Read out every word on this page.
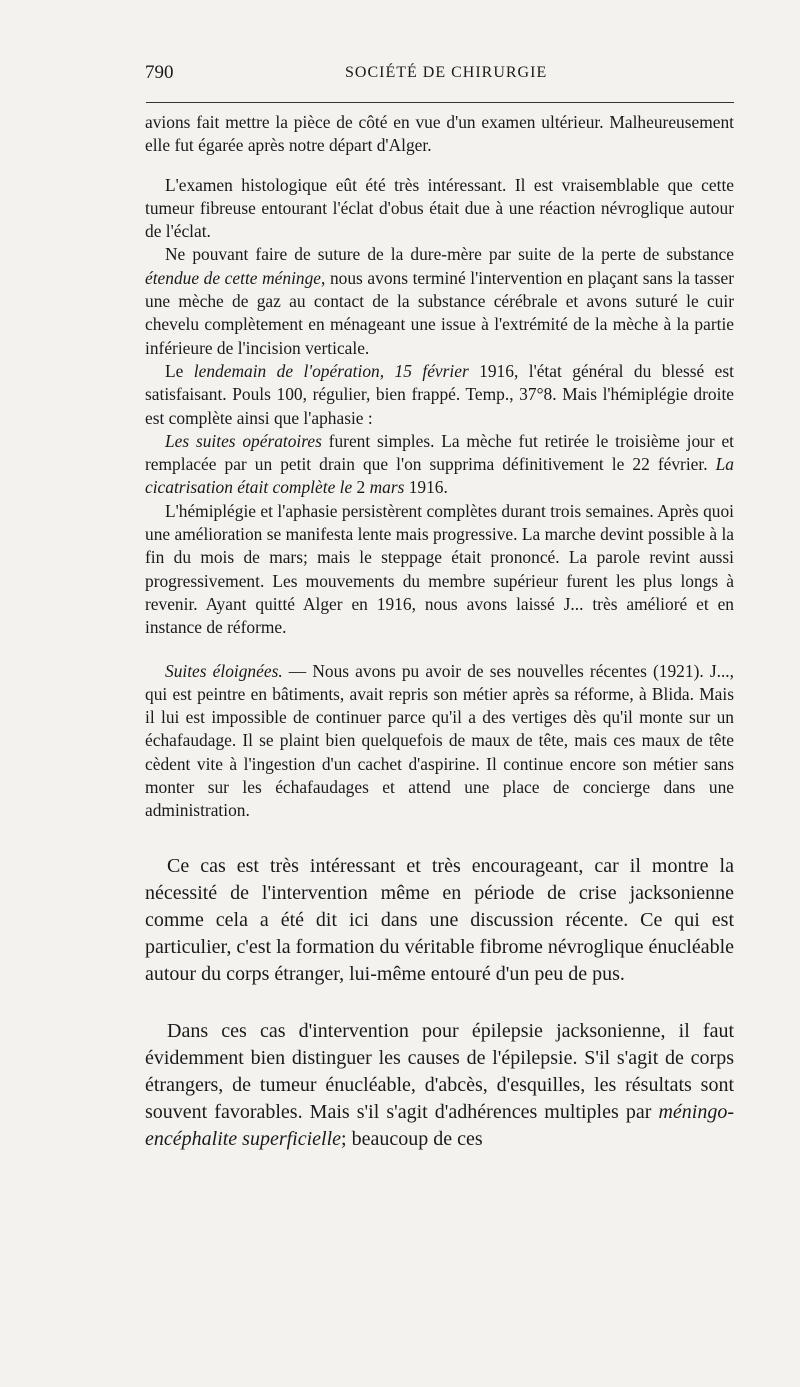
790	SOCIÉTÉ DE CHIRURGIE

avions fait mettre la pièce de côté en vue d'un examen ultérieur. Malheureusement elle fut égarée après notre départ d'Alger.

L'examen histologique eût été très intéressant. Il est vraisemblable que cette tumeur fibreuse entourant l'éclat d'obus était due à une réaction névroglique autour de l'éclat.

Ne pouvant faire de suture de la dure-mère par suite de la perte de substance étendue de cette méninge, nous avons terminé l'intervention en plaçant sans la tasser une mèche de gaz au contact de la substance cérébrale et avons suturé le cuir chevelu complètement en ménageant une issue à l'extrémité de la mèche à la partie inférieure de l'incision verticale.

Le lendemain de l'opération, 15 février 1916, l'état général du blessé est satisfaisant. Pouls 100, régulier, bien frappé. Temp., 37°8. Mais l'hémiplégie droite est complète ainsi que l'aphasie :

Les suites opératoires furent simples. La mèche fut retirée le troisième jour et remplacée par un petit drain que l'on supprima définitivement le 22 février. La cicatrisation était complète le 2 mars 1916.

L'hémiplégie et l'aphasie persistèrent complètes durant trois semaines. Après quoi une amélioration se manifesta lente mais progressive. La marche devint possible à la fin du mois de mars; mais le steppage était prononcé. La parole revint aussi progressivement. Les mouvements du membre supérieur furent les plus longs à revenir. Ayant quitté Alger en 1916, nous avons laissé J... très amélioré et en instance de réforme.

Suites éloignées. — Nous avons pu avoir de ses nouvelles récentes (1921). J..., qui est peintre en bâtiments, avait repris son métier après sa réforme, à Blida. Mais il lui est impossible de continuer parce qu'il a des vertiges dès qu'il monte sur un échafaudage. Il se plaint bien quelquefois de maux de tête, mais ces maux de tête cèdent vite à l'ingestion d'un cachet d'aspirine. Il continue encore son métier sans monter sur les échafaudages et attend une place de concierge dans une administration.

Ce cas est très intéressant et très encourageant, car il montre la nécessité de l'intervention même en période de crise jacksonienne comme cela a été dit ici dans une discussion récente. Ce qui est particulier, c'est la formation du véritable fibrome névroglique énucléable autour du corps étranger, lui-même entouré d'un peu de pus.

Dans ces cas d'intervention pour épilepsie jacksonienne, il faut évidemment bien distinguer les causes de l'épilepsie. S'il s'agit de corps étrangers, de tumeur énucléable, d'abcès, d'esquilles, les résultats sont souvent favorables. Mais s'il s'agit d'adhérences multiples par méningo-encéphalite superficielle; beaucoup de ces
